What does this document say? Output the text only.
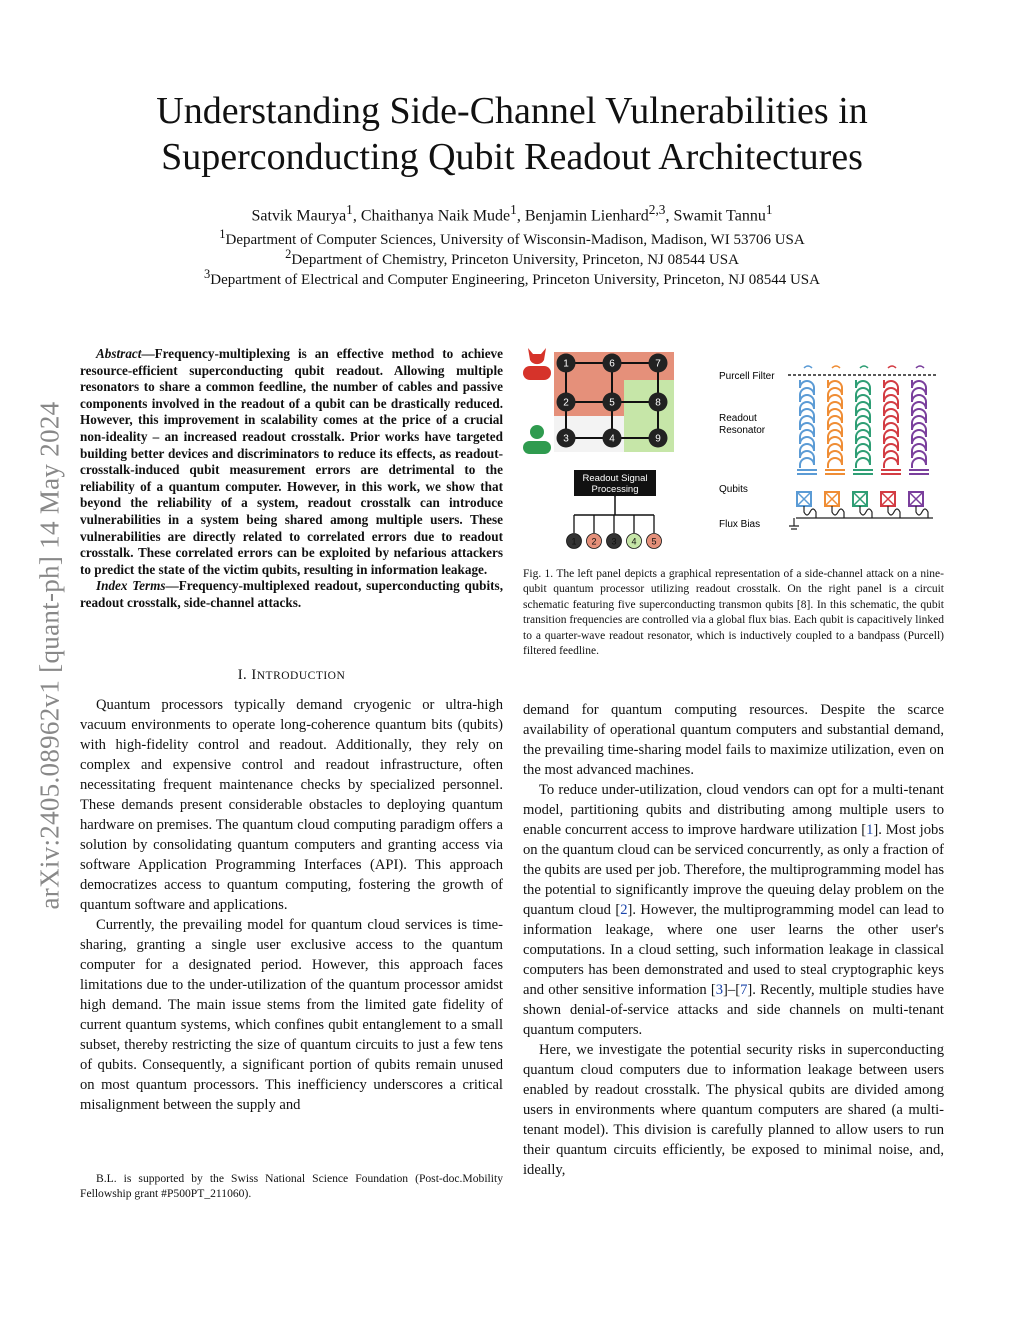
arXiv:2405.08962v1 [quant-ph] 14 May 2024
Understanding Side-Channel Vulnerabilities in
Superconducting Qubit Readout Architectures
Satvik Maurya$^1$, Chaithanya Naik Mude$^1$, Benjamin Lienhard$^{2,3}$, Swamit Tannu$^1$
$^1$Department of Computer Sciences, University of Wisconsin-Madison, Madison, WI 53706 USA
$^2$Department of Chemistry, Princeton University, Princeton, NJ 08544 USA
$^3$Department of Electrical and Computer Engineering, Princeton University, Princeton, NJ 08544 USA

Abstract—Frequency-multiplexing is an effective method to achieve resource-efficient superconducting qubit readout. Allowing multiple resonators to share a common feedline, the number of cables and passive components involved in the readout of a qubit can be drastically reduced. However, this improvement in scalability comes at the price of a crucial non-ideality – an increased readout crosstalk. Prior works have targeted building better devices and discriminators to reduce its effects, as readout-crosstalk-induced qubit measurement errors are detrimental to the reliability of a quantum computer. However, in this work, we show that beyond the reliability of a system, readout crosstalk can introduce vulnerabilities in a system being shared among multiple users. These vulnerabilities are directly related to correlated errors due to readout crosstalk. These correlated errors can be exploited by nefarious attackers to predict the state of the victim qubits, resulting in information leakage.

Index Terms—Frequency-multiplexed readout, superconducting qubits, readout crosstalk, side-channel attacks.

I. INTRODUCTION

Quantum processors typically demand cryogenic or ultra-high vacuum environments to operate long-coherence quantum bits (qubits) with high-fidelity control and readout. Additionally, they rely on complex and expensive control and readout infrastructure, often necessitating frequent maintenance checks by specialized personnel. These demands present considerable obstacles to deploying quantum hardware on premises. The quantum cloud computing paradigm offers a solution by consolidating quantum computers and granting access via software Application Programming Interfaces (API). This approach democratizes access to quantum computing, fostering the growth of quantum software and applications.

Currently, the prevailing model for quantum cloud services is time-sharing, granting a single user exclusive access to the quantum computer for a designated period. However, this approach faces limitations due to the under-utilization of the quantum processor amidst high demand. The main issue stems from the limited gate fidelity of current quantum systems, which confines qubit entanglement to a small subset, thereby restricting the size of quantum circuits to just a few tens of qubits. Consequently, a significant portion of qubits remain unused on most quantum processors. This inefficiency underscores a critical misalignment between the supply and

B.L. is supported by the Swiss National Science Foundation (Post-doc.Mobility Fellowship grant #P500PT_211060).

1	6	7
2	5	8
3	4	9
Readout Signal
Processing
1 2 3 4 5
Purcell Filter
Readout
Resonator
Qubits
Flux Bias
Fig. 1. The left panel depicts a graphical representation of a side-channel attack on a nine-qubit quantum processor utilizing readout crosstalk. On the right panel is a circuit schematic featuring five superconducting transmon qubits [8]. In this schematic, the qubit transition frequencies are controlled via a global flux bias. Each qubit is capacitively linked to a quarter-wave readout resonator, which is inductively coupled to a bandpass (Purcell) filtered feedline.

demand for quantum computing resources. Despite the scarce availability of operational quantum computers and substantial demand, the prevailing time-sharing model fails to maximize utilization, even on the most advanced machines.

To reduce under-utilization, cloud vendors can opt for a multi-tenant model, partitioning qubits and distributing among multiple users to enable concurrent access to improve hardware utilization [1]. Most jobs on the quantum cloud can be serviced concurrently, as only a fraction of the qubits are used per job. Therefore, the multiprogramming model has the potential to significantly improve the queuing delay problem on the quantum cloud [2]. However, the multiprogramming model can lead to information leakage, where one user learns the other user's computations. In a cloud setting, such information leakage in classical computers has been demonstrated and used to steal cryptographic keys and other sensitive information [3]–[7]. Recently, multiple studies have shown denial-of-service attacks and side channels on multi-tenant quantum computers.

Here, we investigate the potential security risks in superconducting quantum cloud computers due to information leakage between users enabled by readout crosstalk. The physical qubits are divided among users in environments where quantum computers are shared (a multi-tenant model). This division is carefully planned to allow users to run their quantum circuits efficiently, be exposed to minimal noise, and, ideally,
